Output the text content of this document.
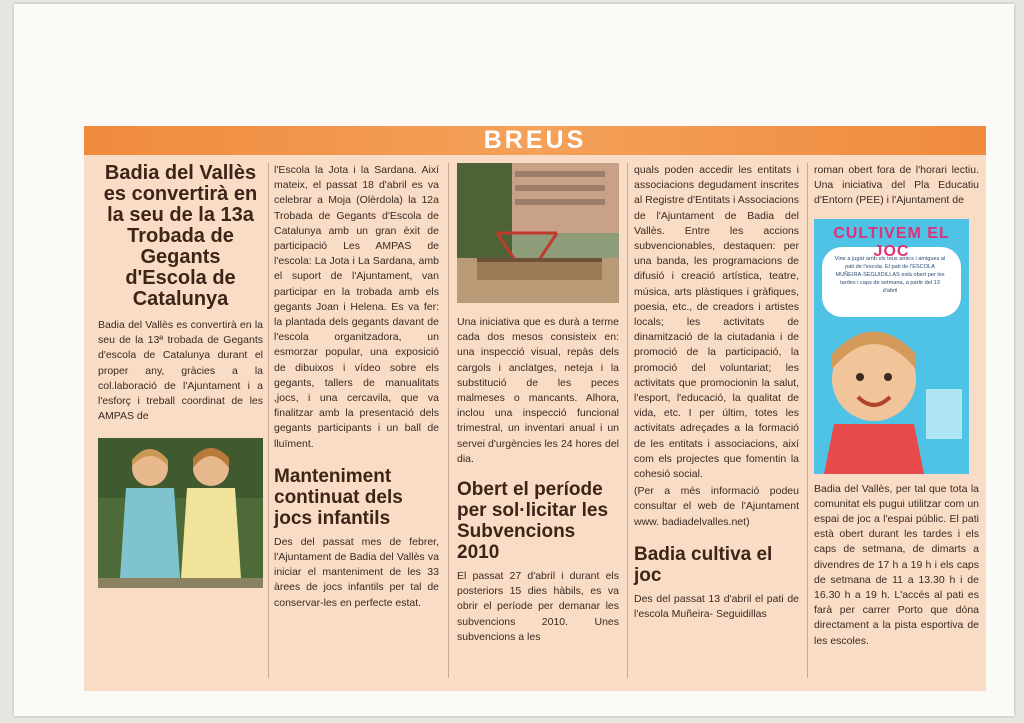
BREUS
Badia del Vallès es convertirà en la seu de la 13a Trobada de Gegants d'Escola de Catalunya

Badia del Vallès es convertirà en la seu de la 13ª trobada de Gegants d'escola de Catalunya durant el proper any, gràcies a la col.laboració de l'Ajuntament i a l'esforç i treball coordinat de les AMPAS de

l'Escola la Jota i la Sardana. Així mateix, el passat 18 d'abril es va celebrar a Moja (Olèrdola) la 12a Trobada de Gegants d'Escola de Catalunya amb un gran èxit de participació Les AMPAS de l'escola: La Jota i La Sardana, amb el suport de l'Ajuntament, van participar en la trobada amb els gegants Joan i Helena. Es va fer: la plantada dels gegants davant de l'escola organitzadora, un esmorzar popular, una exposició de dibuixos i vídeo sobre els gegants, tallers de manualitats ,jocs, i una cercavila, que va finalitzar amb la presentació dels gegants participants i un ball de lluïment.

Manteniment continuat dels jocs infantils

Des del passat mes de febrer, l'Ajuntament de Badia del Vallès va iniciar el manteniment de les 33 àrees de jocs infantils per tal de conservar-les en perfecte estat.

Una iniciativa que es durà a terme cada dos mesos consisteix en: una inspecció visual, repàs dels cargols i anclatges, neteja i la substitució de les peces malmeses o mancants. Alhora, inclou una inspecció funcional trimestral, un inventari anual i un servei d'urgències les 24 hores del dia.

Obert el període per sol·licitar les Subvencions 2010

El passat 27 d'abril i durant els posteriors 15 dies hàbils, es va obrir el període per demanar les subvencions 2010. Unes subvencions a les

quals poden accedir les entitats i associacions degudament inscrites al Registre d'Entitats i Associacions de l'Ajuntament de Badia del Vallès. Entre les accions subvencionables, destaquen: per una banda, les programacions de difusió i creació artística, teatre, música, arts plàstiques i gràfiques, poesia, etc., de creadors i artistes locals; les activitats de dinamització de la ciutadania i de promoció de la participació, la promoció del voluntariat; les activitats que promocionin la salut, l'esport, l'educació, la qualitat de vida, etc. I per últim, totes les activitats adreçades a la formació de les entitats i associacions, així com els projectes que fomentin la cohesió social.

(Per a més informació podeu consultar el web de l'Ajuntament www. badiadelvalles.net)

Badia cultiva el joc

Des del passat 13 d'abril el pati de l'escola Muñeira- Seguidillas

roman obert fora de l'horari lectiu. Una iniciativa del Pla Educatiu d'Entorn (PEE) i l'Ajuntament de

CULTIVEM EL JOC
Vine a jugar amb els teus amics i amigues al pati de l'escola. El pati de l'ESCOLA MUÑEIRA-SEGUIDILLAS està obert per les tardes i caps de setmana, a partir del 13 d'abril

Badia del Vallès, per tal que tota la comunitat els pugui utilitzar com un espai de joc a l'espai públic. El pati està obert durant les tardes i els caps de setmana, de dimarts a divendres de 17 h a 19 h i els caps de setmana de 11 a 13.30 h i de 16.30 h a 19 h. L'accés al pati es farà per carrer Porto que dóna directament a la pista esportiva de les escoles.
